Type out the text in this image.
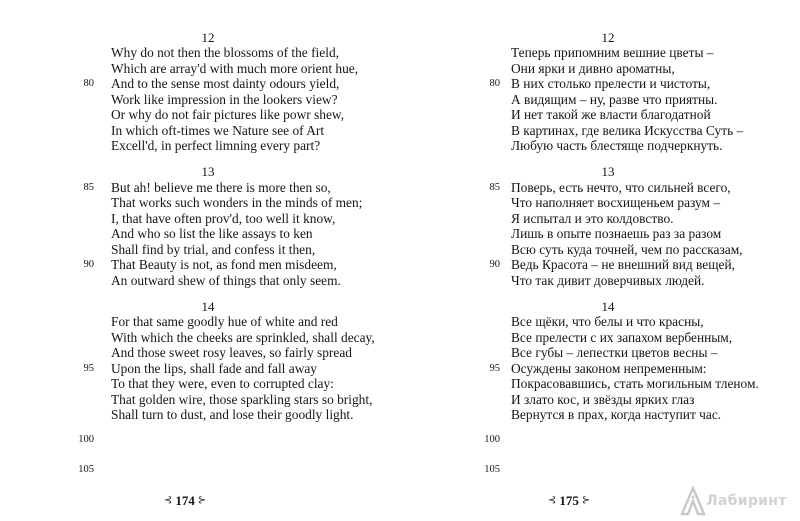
12
Why do not then the blossoms of the field,
Which are array'd with much more orient hue,
And to the sense most dainty odours yield,
Work like impression in the lookers view?
Or why do not fair pictures like powr shew,
In which oft-times we Nature see of Art
Excell'd, in perfect limning every part?
13
But ah! believe me there is more then so,
That works such wonders in the minds of men;
I, that have often prov'd, too well it know,
And who so list the like assays to ken
Shall find by trial, and confess it then,
That Beauty is not, as fond men misdeem,
An outward shew of things that only seem.
14
For that same goodly hue of white and red
With which the cheeks are sprinkled, shall decay,
And those sweet rosy leaves, so fairly spread
Upon the lips, shall fade and fall away
To that they were, even to corrupted clay:
That golden wire, those sparkling stars so bright,
Shall turn to dust, and lose their goodly light.
80
85
90
95
100
105
⊰ 174 ⊱
12
Теперь припомним вешние цветы –
Они ярки и дивно ароматны,
В них столько прелести и чистоты,
А видящим – ну, разве что приятны.
И нет такой же власти благодатной
В картинах, где велика Искусства Суть –
Любую часть блестяще подчеркнуть.
13
Поверь, есть нечто, что сильней всего,
Что наполняет восхищеньем разум –
Я испытал и это колдовство.
Лишь в опыте познаешь раз за разом
Всю суть куда точней, чем по рассказам,
Ведь Красота – не внешний вид вещей,
Что так дивит доверчивых людей.
14
Все щёки, что белы и что красны,
Все прелести с их запахом вербенным,
Все губы – лепестки цветов весны –
Осуждены законом непременным:
Покрасовавшись, стать могильным тленом.
И злато кос, и звёзды ярких глаз
Вернутся в прах, когда наступит час.
80
85
90
95
100
105
⊰ 175 ⊱	Лабиринт
